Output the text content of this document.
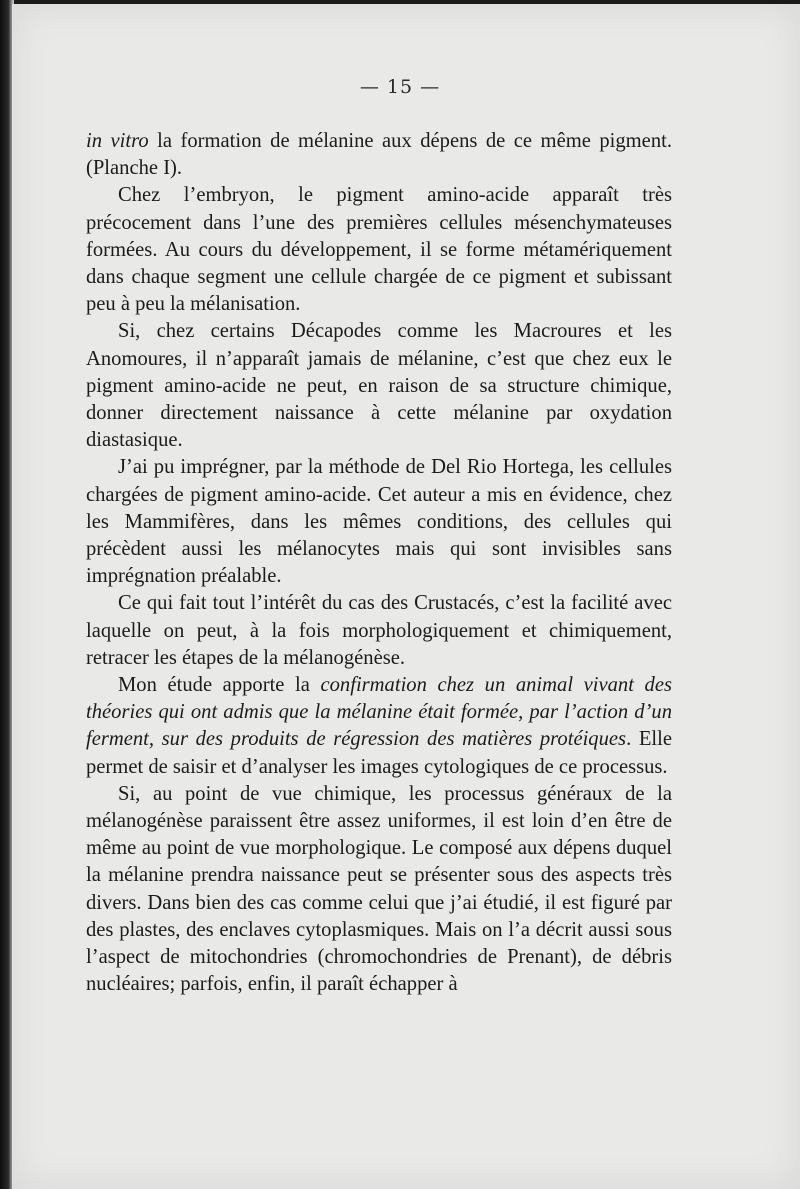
— 15 —

in vitro la formation de mélanine aux dépens de ce même pigment. (Planche I).

Chez l’embryon, le pigment amino-acide apparaît très précocement dans l’une des premières cellules mésenchymateuses formées. Au cours du développement, il se forme métamériquement dans chaque segment une cellule chargée de ce pigment et subissant peu à peu la mélanisation.

Si, chez certains Décapodes comme les Macroures et les Anomoures, il n’apparaît jamais de mélanine, c’est que chez eux le pigment amino-acide ne peut, en raison de sa structure chimique, donner directement naissance à cette mélanine par oxydation diastasique.

J’ai pu imprégner, par la méthode de Del Rio Hortega, les cellules chargées de pigment amino-acide. Cet auteur a mis en évidence, chez les Mammifères, dans les mêmes conditions, des cellules qui précèdent aussi les mélanocytes mais qui sont invisibles sans imprégnation préalable.

Ce qui fait tout l’intérêt du cas des Crustacés, c’est la facilité avec laquelle on peut, à la fois morphologiquement et chimiquement, retracer les étapes de la mélanogénèse.

Mon étude apporte la confirmation chez un animal vivant des théories qui ont admis que la mélanine était formée, par l’action d’un ferment, sur des produits de régression des matières protéiques. Elle permet de saisir et d’analyser les images cytologiques de ce processus.

Si, au point de vue chimique, les processus généraux de la mélanogénèse paraissent être assez uniformes, il est loin d’en être de même au point de vue morphologique. Le composé aux dépens duquel la mélanine prendra naissance peut se présenter sous des aspects très divers. Dans bien des cas comme celui que j’ai étudié, il est figuré par des plastes, des enclaves cytoplasmiques. Mais on l’a décrit aussi sous l’aspect de mitochondries (chromochondries de Prenant), de débris nucléaires; parfois, enfin, il paraît échapper à
